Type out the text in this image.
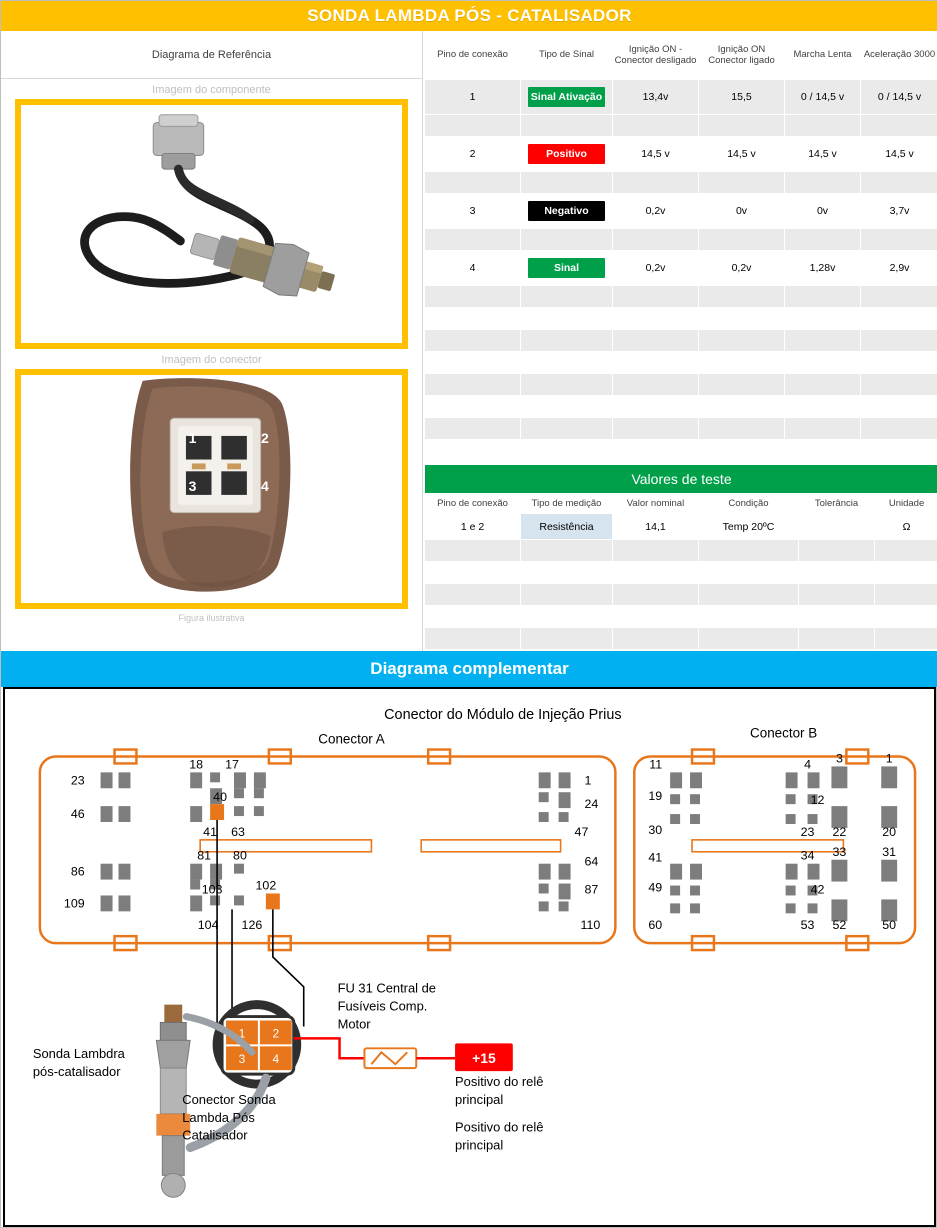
SONDA LAMBDA PÓS - CATALISADOR
Diagrama de Referência
Imagem do componente
Imagem do conector
1	2
3	4
Figura ilustrativa
Pino de conexão	Tipo de Sinal	Ignição ON - Conector desligado	Ignição ON Conector ligado	Marcha Lenta	Aceleração 3000
1	Sinal Ativação	13,4v	15,5	0 / 14,5 v	0 / 14,5 v

2	Positivo	14,5 v	14,5 v	14,5 v	14,5 v

3	Negativo	0,2v	0v	0v	3,7v

4	Sinal	0,2v	0,2v	1,28v	2,9v

Valores de teste					
Pino de conexão	Tipo de medição	Valor nominal	Condição	Tolerância	Unidade
1 e 2	Resistência	14,1	Temp 20ºC		Ω

Diagrama complementar
Conector do Módulo de Injeção Prius
Conector A	Conector B
23
18 17
40
1
24
46
41 63	47
81 80	64
86
102
103	87
109
104 126	110
11	4 3	1
19	12
30	23 22	20
41	34 33	31
49	42
60	53 52	50
1 2
3 4	+15
FU 31 Central de
Fusíveis Comp.
Motor
Positivo do relê
principal
Positivo do relê
principal
Sonda Lambdra
pós-catalisador
Conector Sonda
Lambda Pós
Catalisador
